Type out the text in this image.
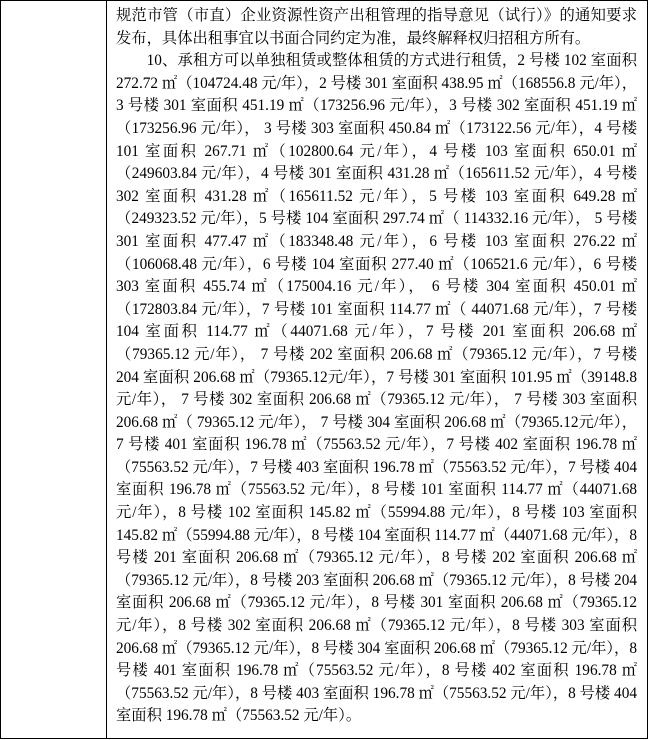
规范市管（市直）企业资源性资产出租管理的指导意见（试行）》的通知要求发布，具体出租事宜以书面合同约定为准，最终解释权归招租方所有。

10、承租方可以单独租赁或整体租赁的方式进行租赁，2 号楼 102 室面积 272.72 ㎡（104724.48 元/年），2 号楼 301 室面积 438.95 ㎡（168556.8 元/年），3 号楼 301 室面积 451.19 ㎡（173256.96 元/年），3 号楼 302 室面积 451.19 ㎡（173256.96 元/年）， 3 号楼 303 室面积 450.84 ㎡（173122.56 元/年），4 号楼 101 室面积 267.71 ㎡（102800.64 元/年），4 号楼 103 室面积 650.01 ㎡（249603.84 元/年），4 号楼 301 室面积 431.28 ㎡（165611.52 元/年），4 号楼 302 室面积 431.28 ㎡（165611.52 元/年），5 号楼 103 室面积 649.28 ㎡（249323.52 元/年），5 号楼 104 室面积 297.74 ㎡（ 114332.16 元/年）， 5 号楼 301 室面积 477.47 ㎡（183348.48 元/年），6 号楼 103 室面积 276.22 ㎡（106068.48 元/年），6 号楼 104 室面积 277.40 ㎡（106521.6 元/年），6 号楼 303 室面积 455.74 ㎡（175004.16 元/年）， 6 号楼 304 室面积 450.01 ㎡（172803.84 元/年），7 号楼 101 室面积 114.77 ㎡（ 44071.68 元/年），7 号楼 104 室面积 114.77 ㎡（44071.68 元/年），7 号楼 201 室面积 206.68 ㎡（79365.12 元/年）， 7 号楼 202 室面积 206.68 ㎡（79365.12 元/年），7 号楼 204 室面积 206.68 ㎡（79365.12元/年），7 号楼 301 室面积 101.95 ㎡（39148.8 元/年）， 7 号楼 302 室面积 206.68 ㎡（79365.12 元/年）， 7 号楼 303 室面积 206.68 ㎡（ 79365.12 元/年）， 7 号楼 304 室面积 206.68 ㎡（79365.12元/年）， 7 号楼 401 室面积 196.78 ㎡（75563.52 元/年），7 号楼 402 室面积 196.78 ㎡（75563.52 元/年），7 号楼 403 室面积 196.78 ㎡（75563.52 元/年），7 号楼 404 室面积 196.78 ㎡（75563.52 元/年），8 号楼 101 室面积 114.77 ㎡（44071.68 元/年），8 号楼 102 室面积 145.82 ㎡（55994.88 元/年），8 号楼 103 室面积 145.82 ㎡（55994.88 元/年），8 号楼 104 室面积 114.77 ㎡（44071.68 元/年），8 号楼 201 室面积 206.68 ㎡（79365.12 元/年），8 号楼 202 室面积 206.68 ㎡（79365.12 元/年），8 号楼 203 室面积 206.68 ㎡（79365.12 元/年），8 号楼 204 室面积 206.68 ㎡（79365.12 元/年），8 号楼 301 室面积 206.68 ㎡（79365.12 元/年），8 号楼 302 室面积 206.68 ㎡（79365.12 元/年），8 号楼 303 室面积 206.68 ㎡（79365.12 元/年），8 号楼 304 室面积 206.68 ㎡（79365.12 元/年），8 号楼 401 室面积 196.78 ㎡（75563.52 元/年），8 号楼 402 室面积 196.78 ㎡（75563.52 元/年），8 号楼 403 室面积 196.78 ㎡（75563.52 元/年），8 号楼 404 室面积 196.78 ㎡（75563.52 元/年）。
